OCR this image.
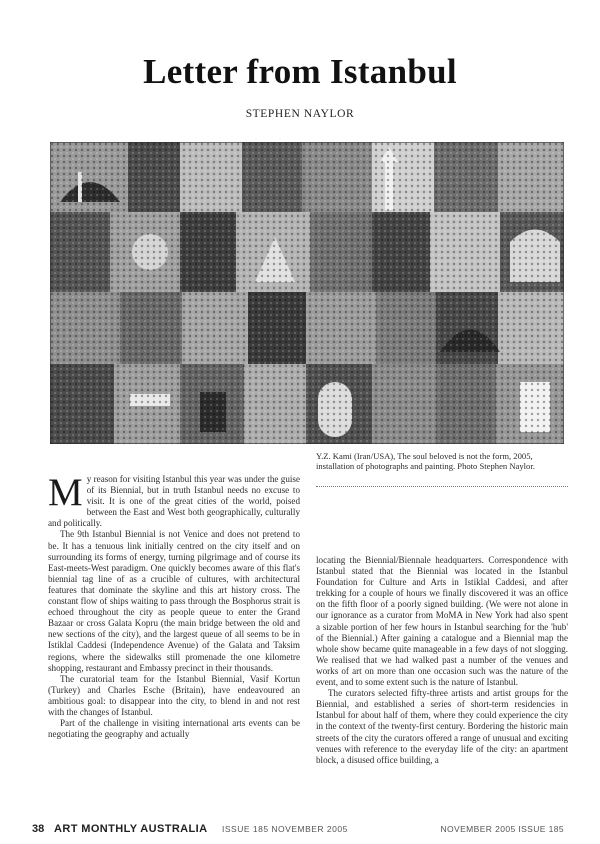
Letter from Istanbul
STEPHEN NAYLOR
Y.Z. Kami (Iran/USA), The soul beloved is not the form, 2005, installation of photographs and painting. Photo Stephen Naylor.

My reason for visiting Istanbul this year was under the guise of its Biennial, but in truth Istanbul needs no excuse to visit. It is one of the great cities of the world, poised between the East and West both geographically, culturally and politically.

The 9th Istanbul Biennial is not Venice and does not pretend to be. It has a tenuous link initially centred on the city itself and on surrounding its forms of energy, turning pilgrimage and of course its East-meets-West paradigm. One quickly becomes aware of this flat's biennial tag line of as a crucible of cultures, with architectural features that dominate the skyline and this art history cross. The constant flow of ships waiting to pass through the Bosphorus strait is echoed throughout the city as people queue to enter the Grand Bazaar or cross Galata Kopru (the main bridge between the old and new sections of the city), and the largest queue of all seems to be in Istiklal Caddesi (Independence Avenue) of the Galata and Taksim regions, where the sidewalks still promenade the one kilometre shopping, restaurant and Embassy precinct in their thousands.

The curatorial team for the Istanbul Biennial, Vasif Kortun (Turkey) and Charles Esche (Britain), have endeavoured an ambitious goal: to disappear into the city, to blend in and not rest with the changes of Istanbul.

Part of the challenge in visiting international arts events can be negotiating the geography and actually

locating the Biennial/Biennale headquarters. Correspondence with Istanbul stated that the Biennial was located in the Istanbul Foundation for Culture and Arts in Istiklal Caddesi, and after trekking for a couple of hours we finally discovered it was an office on the fifth floor of a poorly signed building. (We were not alone in our ignorance as a curator from MoMA in New York had also spent a sizable portion of her few hours in Istanbul searching for the 'hub' of the Biennial.) After gaining a catalogue and a Biennial map the whole show became quite manageable in a few days of not slogging. We realised that we had walked past a number of the venues and works of art on more than one occasion such was the nature of the event, and to some extent such is the nature of Istanbul.

The curators selected fifty-three artists and artist groups for the Biennial, and established a series of short-term residencies in Istanbul for about half of them, where they could experience the city in the context of the twenty-first century. Bordering the historic main streets of the city the curators offered a range of unusual and exciting venues with reference to the everyday life of the city: an apartment block, a disused office building, a

38 ART MONTHLY AUSTRALIA ISSUE 185 NOVEMBER 2005	NOVEMBER 2005 ISSUE 185
